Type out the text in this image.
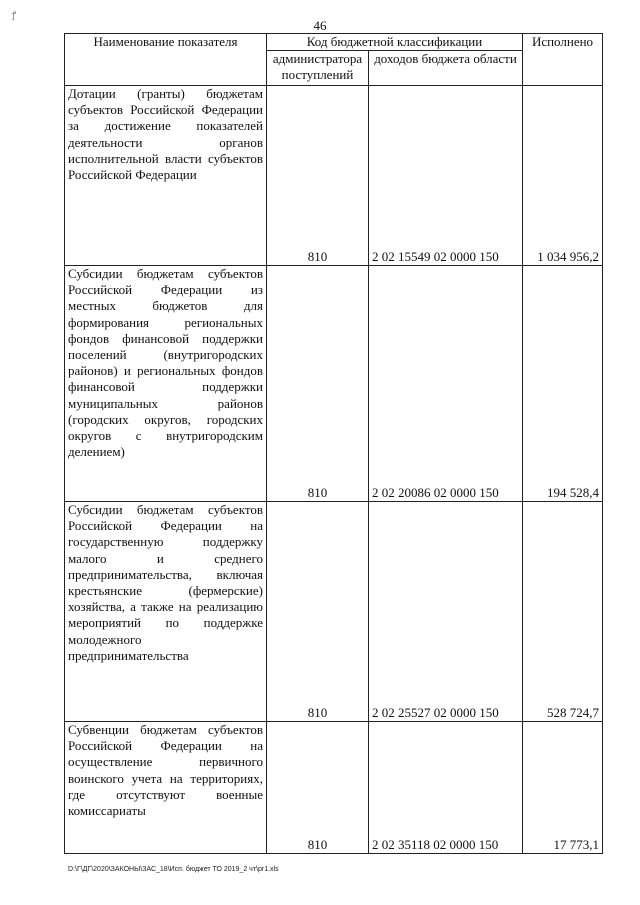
ꝭ
46
Наименование показателя	Код бюджетной классификации		Исполнено
	администратора поступлений	доходов бюджета области	
Дотации (гранты) бюджетам субъектов Российской Федерации за достижение показателей деятельности органов исполнительной власти субъектов Российской Федерации	810	2 02 15549 02 0000 150	1 034 956,2
Субсидии бюджетам субъектов Российской Федерации из местных бюджетов для формирования региональных фондов финансовой поддержки поселений (внутригородских районов) и региональных фондов финансовой поддержки муниципальных районов (городских округов, городских округов с внутригородским делением)	810	2 02 20086 02 0000 150	194 528,4
Субсидии бюджетам субъектов Российской Федерации на государственную поддержку малого и среднего предпринимательства, включая крестьянские (фермерские) хозяйства, а также на реализацию мероприятий по поддержке молодежного предпринимательства	810	2 02 25527 02 0000 150	528 724,7
Субвенции бюджетам субъектов Российской Федерации на осуществление первичного воинского учета на территориях, где отсутствуют военные комиссариаты	810	2 02 35118 02 0000 150	17 773,1
D:\Г\ДГ\2020\ЗАКОНЫ\ЗАС_18\Исп. бюджет ТО 2019_2 чт\pr1.xls
